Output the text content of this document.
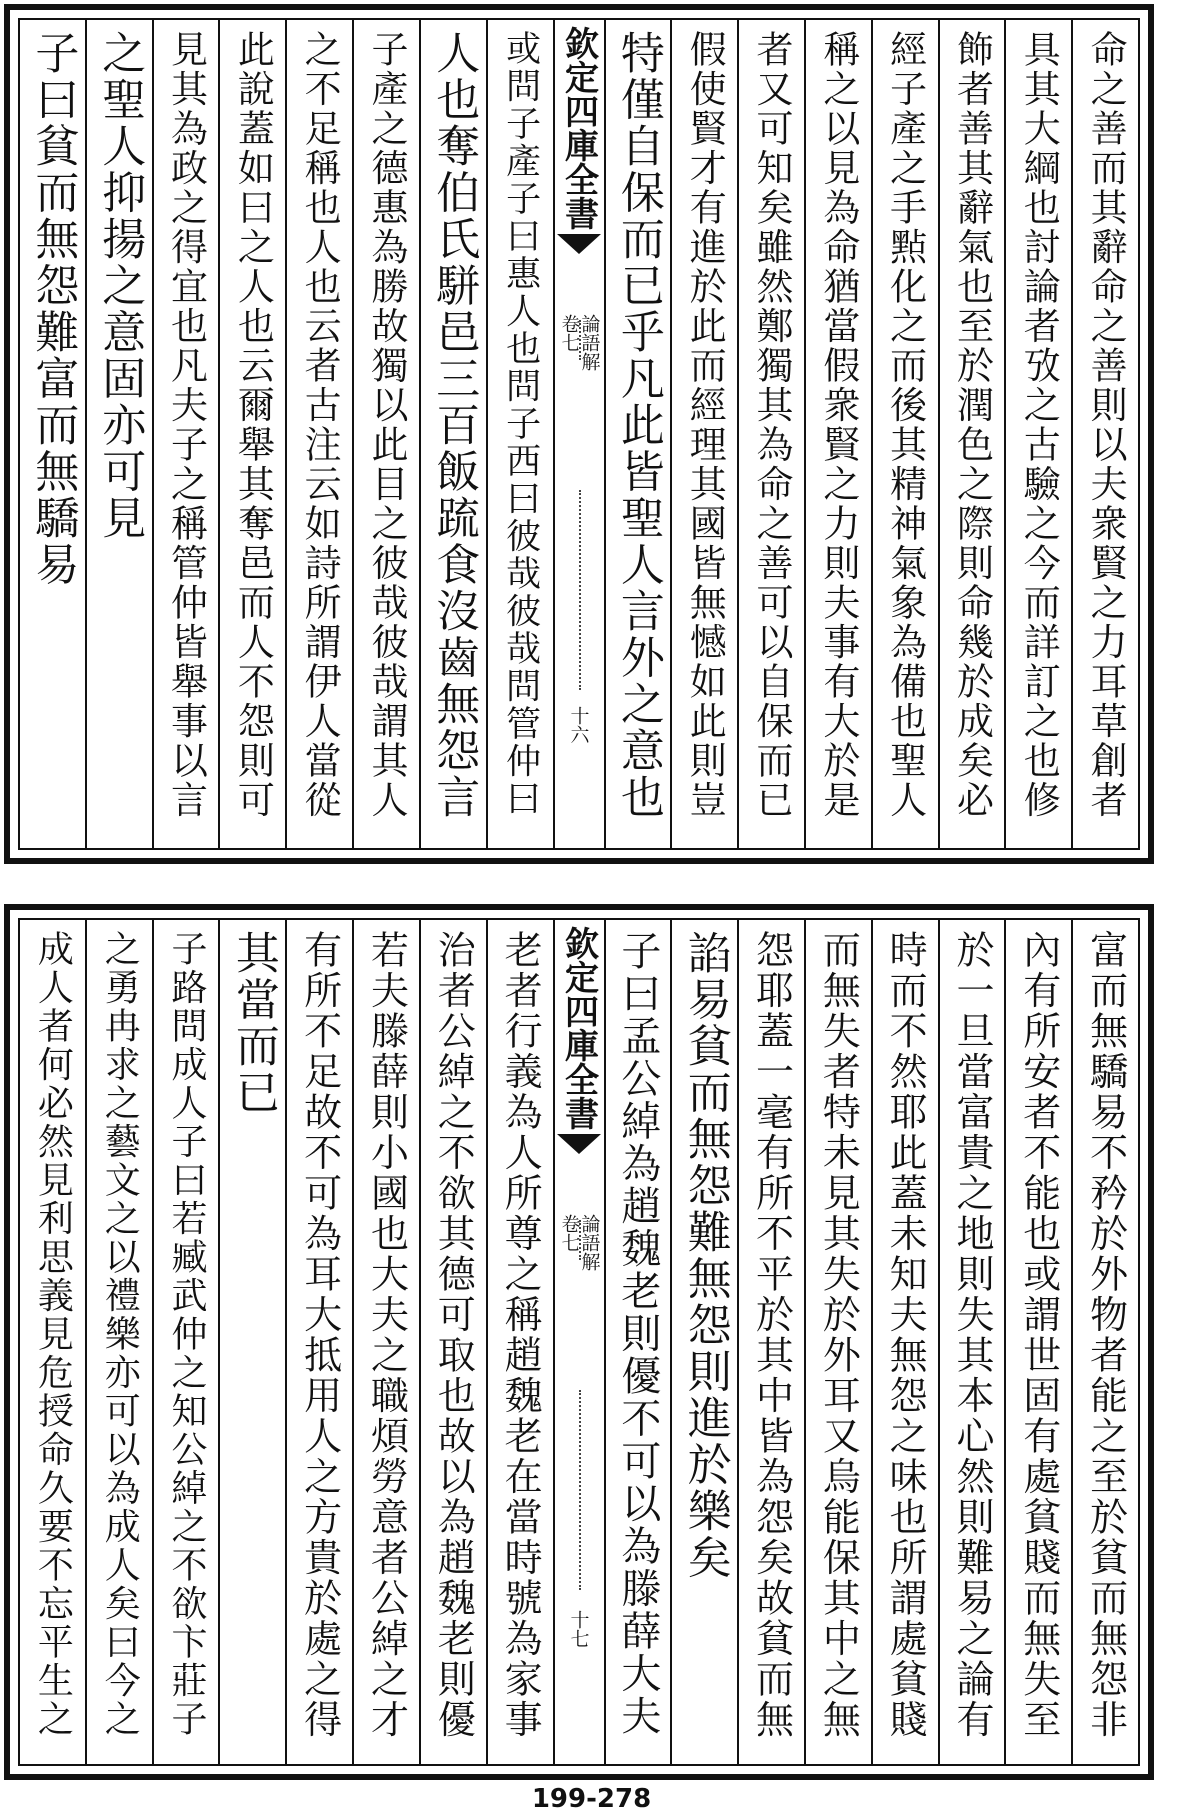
命之善而其辭命之善則以夫衆賢之力耳草創者
具其大綱也討論者攷之古驗之今而詳訂之也修
飾者善其辭氣也至於潤色之際則命幾於成矣必
經子產之手㸃化之而後其精神氣象為備也聖人
稱之以見為命猶當假衆賢之力則夫事有大於是
者又可知矣雖然鄭獨其為命之善可以自保而已
假使賢才有進於此而經理其國皆無憾如此則豈
特僅自保而已乎凡此皆聖人言外之意也
欽定四庫全書
論語解
卷七
十六
或問子產子曰惠人也問子西曰彼哉彼哉問管仲曰
人也奪伯氏駢邑三百飯䟽食沒齒無怨言
子產之德惠為勝故獨以此目之彼哉彼哉謂其人
之不足稱也人也云者古注云如詩所謂伊人當從
此說蓋如曰之人也云爾舉其奪邑而人不怨則可
見其為政之得宜也凡夫子之稱管仲皆舉事以言
之聖人抑揚之意固亦可見
子曰貧而無怨難富而無驕易
富而無驕易不矜於外物者能之至於貧而無怨非
內有所安者不能也或謂世固有處貧賤而無失至
於一旦當富貴之地則失其本心然則難易之論有
時而不然耶此蓋未知夫無怨之味也所謂處貧賤
而無失者特未見其失於外耳又烏能保其中之無
怨耶蓋一毫有所不平於其中皆為怨矣故貧而無
諂易貧而無怨難無怨則進於樂矣
子曰孟公綽為趙魏老則優不可以為滕薛大夫
欽定四庫全書
論語解
卷七
十七
老者行義為人所尊之稱趙魏老在當時號為家事
治者公綽之不欲其德可取也故以為趙魏老則優
若夫滕薛則小國也大夫之職煩勞意者公綽之才
有所不足故不可為耳大抵用人之方貴於處之得
其當而已
子路問成人子曰若臧武仲之知公綽之不欲卞莊子
之勇冉求之藝文之以禮樂亦可以為成人矣曰今之
成人者何必然見利思義見危授命久要不忘平生之
199-278
